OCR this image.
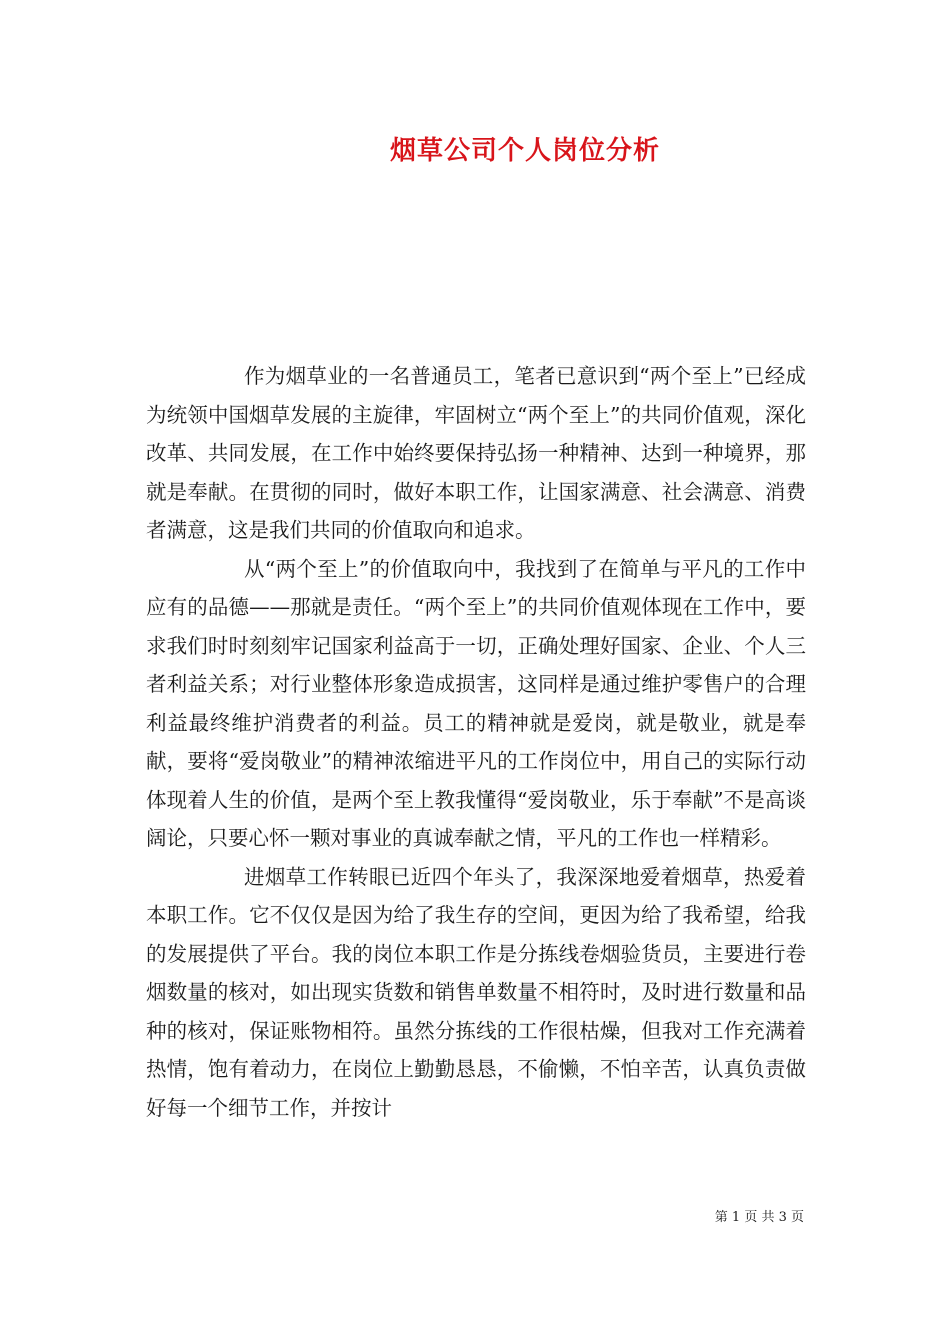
烟草公司个人岗位分析

作为烟草业的一名普通员工，笔者已意识到“两个至上”已经成为统领中国烟草发展的主旋律，牢固树立“两个至上”的共同价值观，深化改革、共同发展，在工作中始终要保持弘扬一种精神、达到一种境界，那就是奉献。在贯彻的同时，做好本职工作，让国家满意、社会满意、消费者满意，这是我们共同的价值取向和追求。

从“两个至上”的价值取向中，我找到了在简单与平凡的工作中应有的品德——那就是责任。“两个至上”的共同价值观体现在工作中，要求我们时时刻刻牢记国家利益高于一切，正确处理好国家、企业、个人三者利益关系；对行业整体形象造成损害，这同样是通过维护零售户的合理利益最终维护消费者的利益。员工的精神就是爱岗，就是敬业，就是奉献，要将“爱岗敬业”的精神浓缩进平凡的工作岗位中，用自己的实际行动体现着人生的价值，是两个至上教我懂得“爱岗敬业，乐于奉献”不是高谈阔论，只要心怀一颗对事业的真诚奉献之情，平凡的工作也一样精彩。

进烟草工作转眼已近四个年头了，我深深地爱着烟草，热爱着本职工作。它不仅仅是因为给了我生存的空间，更因为给了我希望，给我的发展提供了平台。我的岗位本职工作是分拣线卷烟验货员，主要进行卷烟数量的核对，如出现实货数和销售单数量不相符时，及时进行数量和品种的核对，保证账物相符。虽然分拣线的工作很枯燥，但我对工作充满着热情，饱有着动力，在岗位上勤勤恳恳，不偷懒，不怕辛苦，认真负责做好每一个细节工作，并按计

第 1 页 共 3 页
